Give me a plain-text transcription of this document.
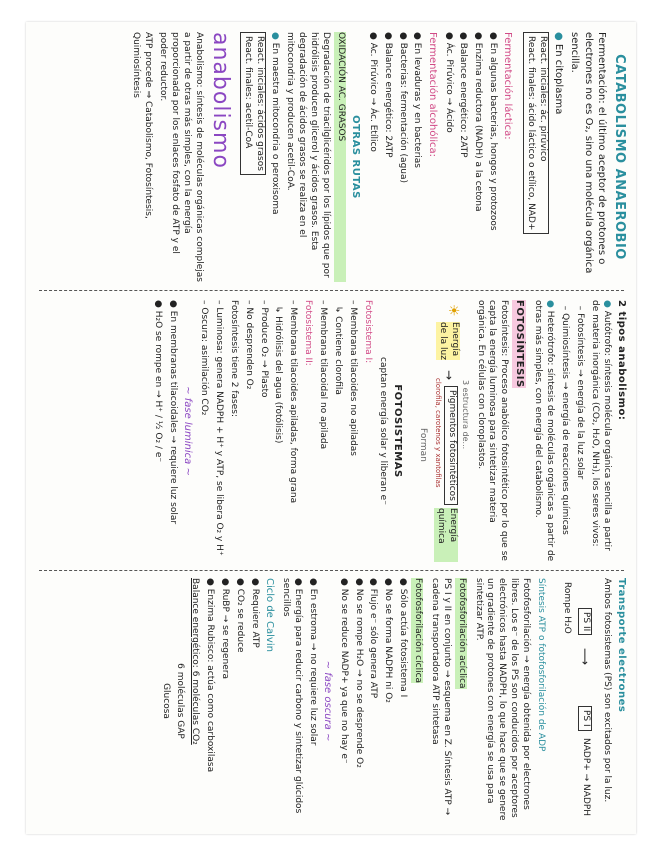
CATABOLISMO ANAEROBIO

Fermentación: el último aceptor de protones o electrones no es O₂, sino una molécula orgánica sencilla.

● En citoplasma

React. iniciales: ác. pirúvico
React. finales: ácido láctico o etílico, NAD+

Fermentación láctica:

● En algunas bacterias, hongos y protozoos

● Enzima reductora (NADH) a la cetona

● Balance energético: 2ATP

● Ác. Pirúvico → Ácido

Fermentación alcohólica:

● En levaduras y en bacterias

● Bacterias: fermentación (agua)

● Balance energético: 2ATP

● Ac. Pirúvico → Ác. Etílico

OTRAS RUTAS

OXIDACIÓN AC. GRASOS

Degradación de triacilglicéridos por los lípidos que por hidrólisis producen glicerol y ácidos grasos. Esta degradación de ácidos grasos se realiza en el mitocondria y producen acetil-CoA.

● En maestra mitocondria o peroxisoma

React. iniciales: ácidos grasos
React. finales: acetil-CoA

anabolismo

Anabolismo: síntesis de moléculas orgánicas complejas a partir de otras más simples, con la energía proporcionada por los enlaces fosfato de ATP y el poder reductor.

ATP procede ⇒ Catabolismo, Fotosíntesis, Quimiosíntesis

2 tipos anabolismo:

● Autótrofo: síntesis molécula orgánica sencilla a partir de materia inorgánica (CO₂, H₂O, NH₃), los seres vivos:

– Fotosíntesis → energía de la luz solar

– Quimiosíntesis → energía de reacciones químicas

● Heterótrofo: síntesis de moléculas orgánicas a partir de otras más simples, con energía del catabolismo.

FOTOSÍNTESIS

Fotosíntesis: Proceso anabólico fotosintético por lo que se capta la energía luminosa para sintetizar materia orgánica. En células con cloroplastos.

3 estructura de...
☀
Energía
de la luz
→
Pigmentos fotosintéticos
clorofila, carotenos y xantofilas
Energía química
Forman

FOTOSISTEMAS

captan energía solar y liberan e⁻

Fotosistema I:

– Membrana tilacoides no apiladas

↳ Contiene clorofila

– Membrana tilacoidal no apilada

Fotosistema II:

– Membrana tilacoides apiladas, forma grana

↳ Hidrólisis del agua (fotólisis)

– Produce O₂ → Plasto

– No desprenden O₂

Fotosíntesis tiene 2 fases:

– Luminosa: genera NADPH + H⁺ y ATP, se libera O₂ y H⁺

– Oscura: asimilación CO₂

~ fase luminica ~

● En membranas tilacoidales → requiere luz solar

● H₂O se rompe en → H⁺ / ½ O₂ / e⁻

Transporte electrones

Ambos fotosistemas (PS) son excitados por la luz.

PS II
⟶
PS I
NADP+ → NADPH
Rompe H₂O

Síntesis ATP o fotofosforilación de ADP

Fotofosforilación → energía obtenida por electrones libres. Los e⁻ de los PS son conducidos por aceptores electrónicos hasta NADPH, lo que hace que se genere un gradiente de protones con energía se usa para sintetizar ATP.

Fotofosforilación acíclica

PS I y II en conjunto → esquema en Z. Síntesis ATP → cadena transportadora ATP sintetasa

Fotofosforilación cíclica

● Sólo actúa fotosistema I

● No se forma NADPH ni O₂

● Flujo e⁻ sólo genera ATP

● No se rompe H₂O → no se desprende O₂

● No se reduce NADP+ ya que no hay e⁻

~ fase oscura ~

● En estroma → no requiere luz solar

● Energía para reducir carbono y sintetizar glúcidos sencillos

Ciclo de Calvin

● Requiere ATP

● CO₂ se reduce

● RuBP → se regenera

● Enzima Rubisco: actúa como carboxilasa

Balance energético: 6 moléculas CO₂

6 moléculas GAP

Glucosa
